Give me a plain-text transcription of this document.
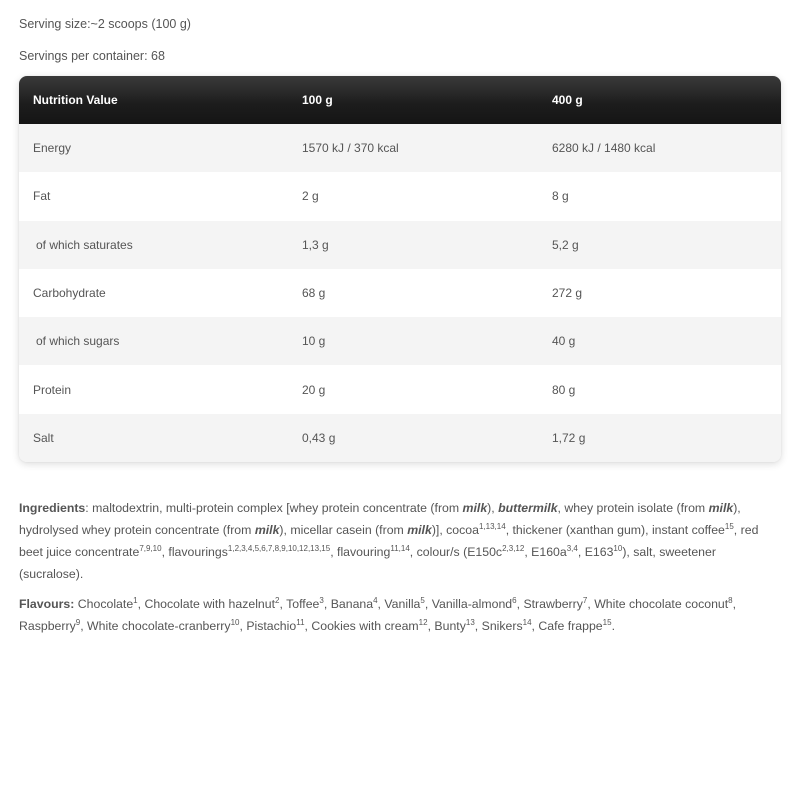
Serving size:~2 scoops (100 g)
Servings per container: 68
Nutrition Value	100 g	400 g
Energy	1570 kJ / 370 kcal	6280 kJ / 1480 kcal
Fat	2 g	8 g
of which saturates	1,3 g	5,2 g
Carbohydrate	68 g	272 g
of which sugars	10 g	40 g
Protein	20 g	80 g
Salt	0,43 g	1,72 g
Ingredients: maltodextrin, multi-protein complex [whey protein concentrate (from milk), buttermilk, whey protein isolate (from milk), hydrolysed whey protein concentrate (from milk), micellar casein (from milk)], cocoa$^{1,13,14}$, thickener (xanthan gum), instant coffee$^{15}$, red beet juice concentrate$^{7,9,10}$, flavourings$^{1,2,3,4,5,6,7,8,9,10,12,13,15}$, flavouring$^{11,14}$, colour/s ($E150c^{2,3,12}$, $E160a^{3,4}$, $E163^{10}$), salt, sweetener (sucralose).
Flavours: Chocolate$^1$, Chocolate with hazelnut$^2$, Toffee$^3$, Banana$^4$, Vanilla$^5$, Vanilla-almond$^6$, Strawberry$^7$, White chocolate coconut$^8$, Raspberry$^9$, White chocolate-cranberry$^{10}$, Pistachio$^{11}$, Cookies with cream$^{12}$, Bunty$^{13}$, Snikers$^{14}$, Cafe frappe$^{15}$.
